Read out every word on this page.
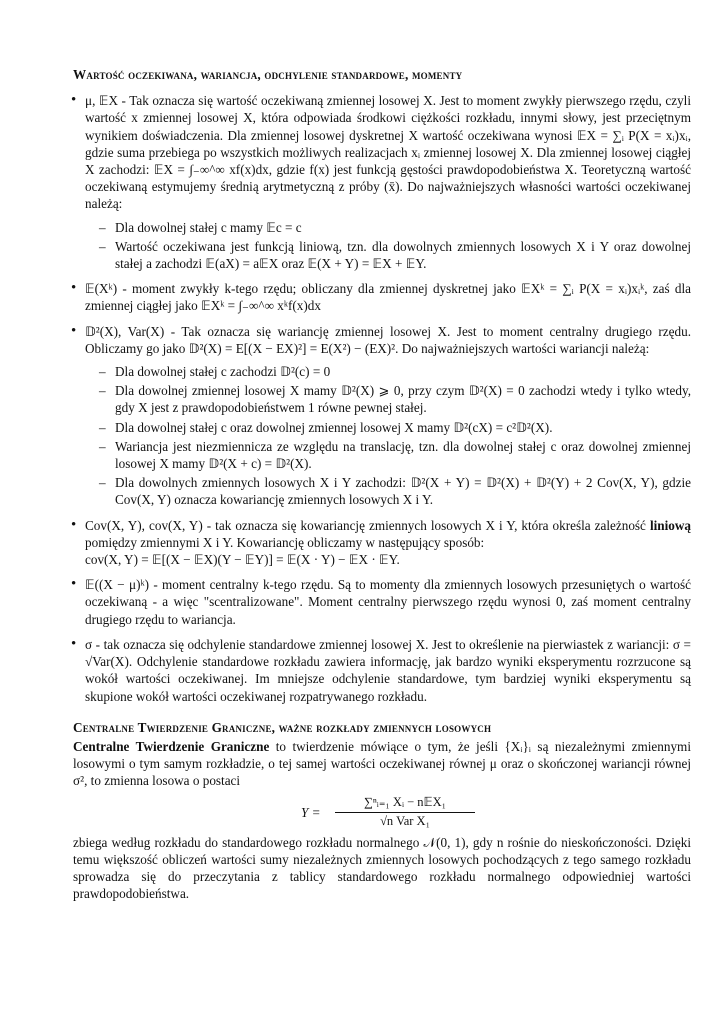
Wartość oczekiwana, wariancja, odchylenie standardowe, momenty
• μ, 𝔼X - Tak oznacza się wartość oczekiwaną zmiennej losowej X. Jest to moment zwykły pierwszego rzędu, czyli wartość x zmiennej losowej X, która odpowiada środkowi ciężkości rozkładu, innymi słowy, jest przeciętnym wynikiem doświadczenia. Dla zmiennej losowej dyskretnej X wartość oczekiwana wynosi 𝔼X = ∑ᵢ P(X = xᵢ)xᵢ, gdzie suma przebiega po wszystkich możliwych realizacjach xᵢ zmiennej losowej X. Dla zmiennej losowej ciągłej X zachodzi: 𝔼X = ∫₋∞^∞ xf(x)dx, gdzie f(x) jest funkcją gęstości prawdopodobieństwa X. Teoretyczną wartość oczekiwaną estymujemy średnią arytmetyczną z próby (x̄). Do najważniejszych własności wartości oczekiwanej należą:
– Dla dowolnej stałej c mamy 𝔼c = c
– Wartość oczekiwana jest funkcją liniową, tzn. dla dowolnych zmiennych losowych X i Y oraz dowolnej stałej a zachodzi 𝔼(aX) = a𝔼X oraz 𝔼(X + Y) = 𝔼X + 𝔼Y.
• 𝔼(Xᵏ) - moment zwykły k-tego rzędu; obliczany dla zmiennej dyskretnej jako 𝔼Xᵏ = ∑ᵢ P(X = xᵢ)xᵢᵏ, zaś dla zmiennej ciągłej jako 𝔼Xᵏ = ∫₋∞^∞ xᵏf(x)dx
• 𝔻²(X), Var(X) - Tak oznacza się wariancję zmiennej losowej X. Jest to moment centralny drugiego rzędu. Obliczamy go jako 𝔻²(X) = E[(X − EX)²] = E(X²) − (EX)². Do najważniejszych wartości wariancji należą:
– Dla dowolnej stałej c zachodzi 𝔻²(c) = 0
– Dla dowolnej zmiennej losowej X mamy 𝔻²(X) ⩾ 0, przy czym 𝔻²(X) = 0 zachodzi wtedy i tylko wtedy, gdy X jest z prawdopodobieństwem 1 równe pewnej stałej.
– Dla dowolnej stałej c oraz dowolnej zmiennej losowej X mamy 𝔻²(cX) = c²𝔻²(X).
– Wariancja jest niezmiennicza ze względu na translację, tzn. dla dowolnej stałej c oraz dowolnej zmiennej losowej X mamy 𝔻²(X + c) = 𝔻²(X).
– Dla dowolnych zmiennych losowych X i Y zachodzi: 𝔻²(X + Y) = 𝔻²(X) + 𝔻²(Y) + 2 Cov(X, Y), gdzie Cov(X, Y) oznacza kowariancję zmiennych losowych X i Y.
• Cov(X, Y), cov(X, Y) - tak oznacza się kowariancję zmiennych losowych X i Y, która określa zależność liniową pomiędzy zmiennymi X i Y. Kowariancję obliczamy w następujący sposób:
cov(X, Y) = 𝔼[(X − 𝔼X)(Y − 𝔼Y)] = 𝔼(X · Y) − 𝔼X · 𝔼Y.
• 𝔼((X − μ)ᵏ) - moment centralny k-tego rzędu. Są to momenty dla zmiennych losowych przesuniętych o wartość oczekiwaną - a więc "scentralizowane". Moment centralny pierwszego rzędu wynosi 0, zaś moment centralny drugiego rzędu to wariancja.
• σ - tak oznacza się odchylenie standardowe zmiennej losowej X. Jest to określenie na pierwiastek z wariancji: σ = √Var(X). Odchylenie standardowe rozkładu zawiera informację, jak bardzo wyniki eksperymentu rozrzucone są wokół wartości oczekiwanej. Im mniejsze odchylenie standardowe, tym bardziej wyniki eksperymentu są skupione wokół wartości oczekiwanej rozpatrywanego rozkładu.
Centralne Twierdzenie Graniczne, ważne rozkłady zmiennych losowych

Centralne Twierdzenie Graniczne to twierdzenie mówiące o tym, że jeśli {Xᵢ}ᵢ są niezależnymi zmiennymi losowymi o tym samym rozkładzie, o tej samej wartości oczekiwanej równej μ oraz o skończonej wariancji równej σ², to zmienna losowa o postaci

Y =
∑ⁿᵢ₌₁ Xᵢ − n𝔼X₁
√n Var X₁

zbiega według rozkładu do standardowego rozkładu normalnego 𝒩(0, 1), gdy n rośnie do nieskończoności. Dzięki temu większość obliczeń wartości sumy niezależnych zmiennych losowych pochodzących z tego samego rozkładu sprowadza się do przeczytania z tablicy standardowego rozkładu normalnego odpowiedniej wartości prawdopodobieństwa.
